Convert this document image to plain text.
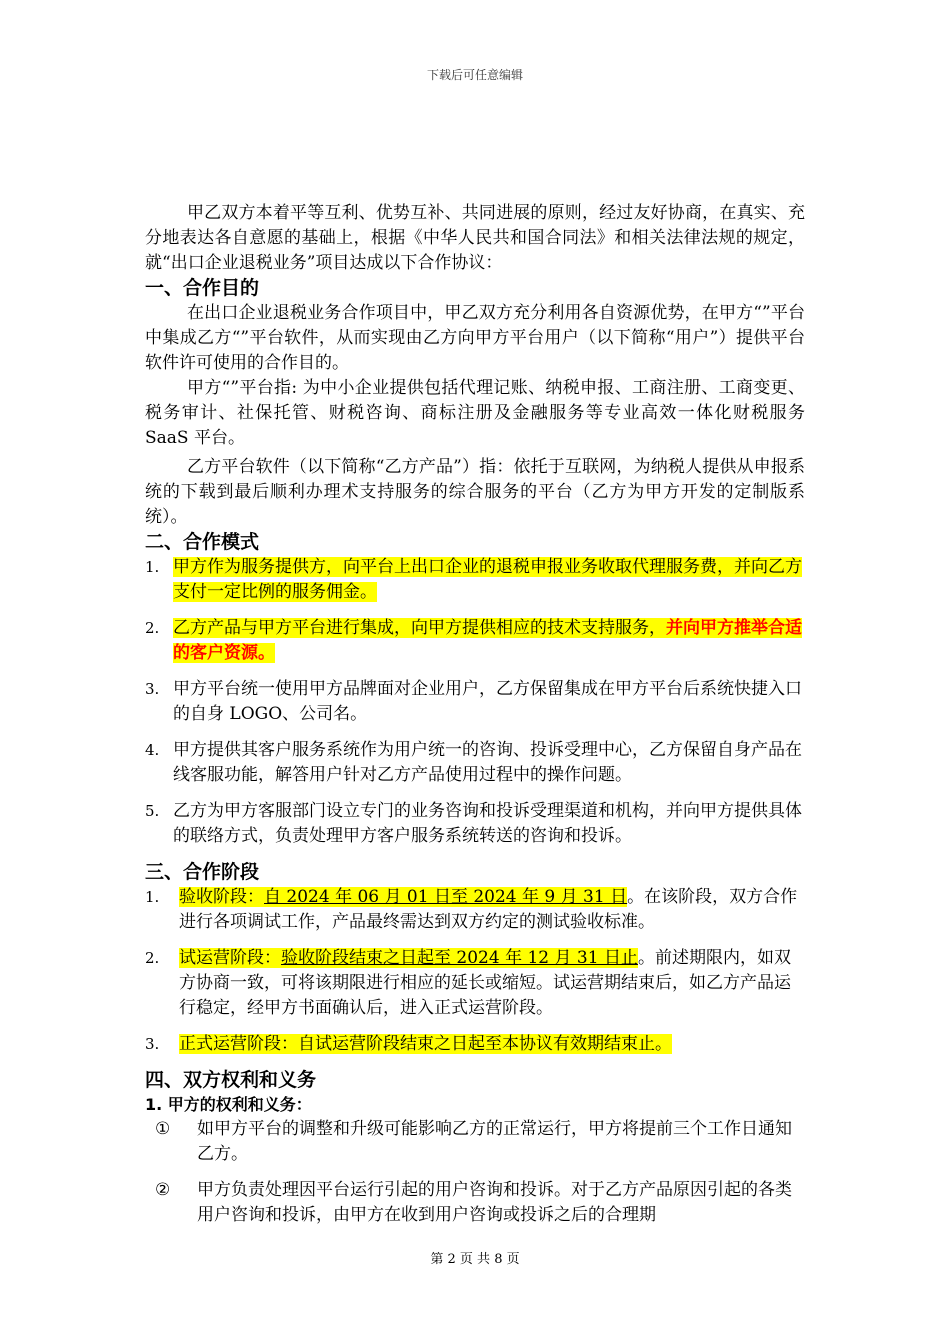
下载后可任意编辑

甲乙双方本着平等互利、优势互补、共同进展的原则，经过友好协商，在真实、充分地表达各自意愿的基础上，根据《中华人民共和国合同法》和相关法律法规的规定，就“出口企业退税业务”项目达成以下合作协议：

一、合作目的

在出口企业退税业务合作项目中，甲乙双方充分利用各自资源优势，在甲方“”平台中集成乙方“”平台软件，从而实现由乙方向甲方平台用户（以下简称“用户”）提供平台软件许可使用的合作目的。

甲方“”平台指: 为中小企业提供包括代理记账、纳税申报、工商注册、工商变更、税务审计、社保托管、财税咨询、商标注册及金融服务等专业高效一体化财税服务 SaaS 平台。

乙方平台软件（以下简称“乙方产品”）指：依托于互联网，为纳税人提供从申报系统的下载到最后顺利办理术支持服务的综合服务的平台（乙方为甲方开发的定制版系统）。

二、合作模式

1. 甲方作为服务提供方，向平台上出口企业的退税申报业务收取代理服务费，并向乙方支付一定比例的服务佣金。
2. 乙方产品与甲方平台进行集成，向甲方提供相应的技术支持服务，并向甲方推举合适的客户资源。
3. 甲方平台统一使用甲方品牌面对企业用户，乙方保留集成在甲方平台后系统快捷入口的自身 LOGO、公司名。
4. 甲方提供其客户服务系统作为用户统一的咨询、投诉受理中心，乙方保留自身产品在线客服功能，解答用户针对乙方产品使用过程中的操作问题。
5. 乙方为甲方客服部门设立专门的业务咨询和投诉受理渠道和机构，并向甲方提供具体的联络方式，负责处理甲方客户服务系统转送的咨询和投诉。

三、合作阶段

1. 验收阶段：自 2024 年 06 月 01 日至 2024 年 9 月 31 日。在该阶段，双方合作进行各项调试工作，产品最终需达到双方约定的测试验收标准。
2. 试运营阶段：验收阶段结束之日起至 2024 年 12 月 31 日止。前述期限内，如双方协商一致，可将该期限进行相应的延长或缩短。试运营期结束后，如乙方产品运行稳定，经甲方书面确认后，进入正式运营阶段。
3. 正式运营阶段：自试运营阶段结束之日起至本协议有效期结束止。

四、双方权利和义务

1. 甲方的权利和义务：

① 如甲方平台的调整和升级可能影响乙方的正常运行，甲方将提前三个工作日通知乙方。
② 甲方负责处理因平台运行引起的用户咨询和投诉。对于乙方产品原因引起的各类用户咨询和投诉，由甲方在收到用户咨询或投诉之后的合理期
第 2 页 共 8 页
